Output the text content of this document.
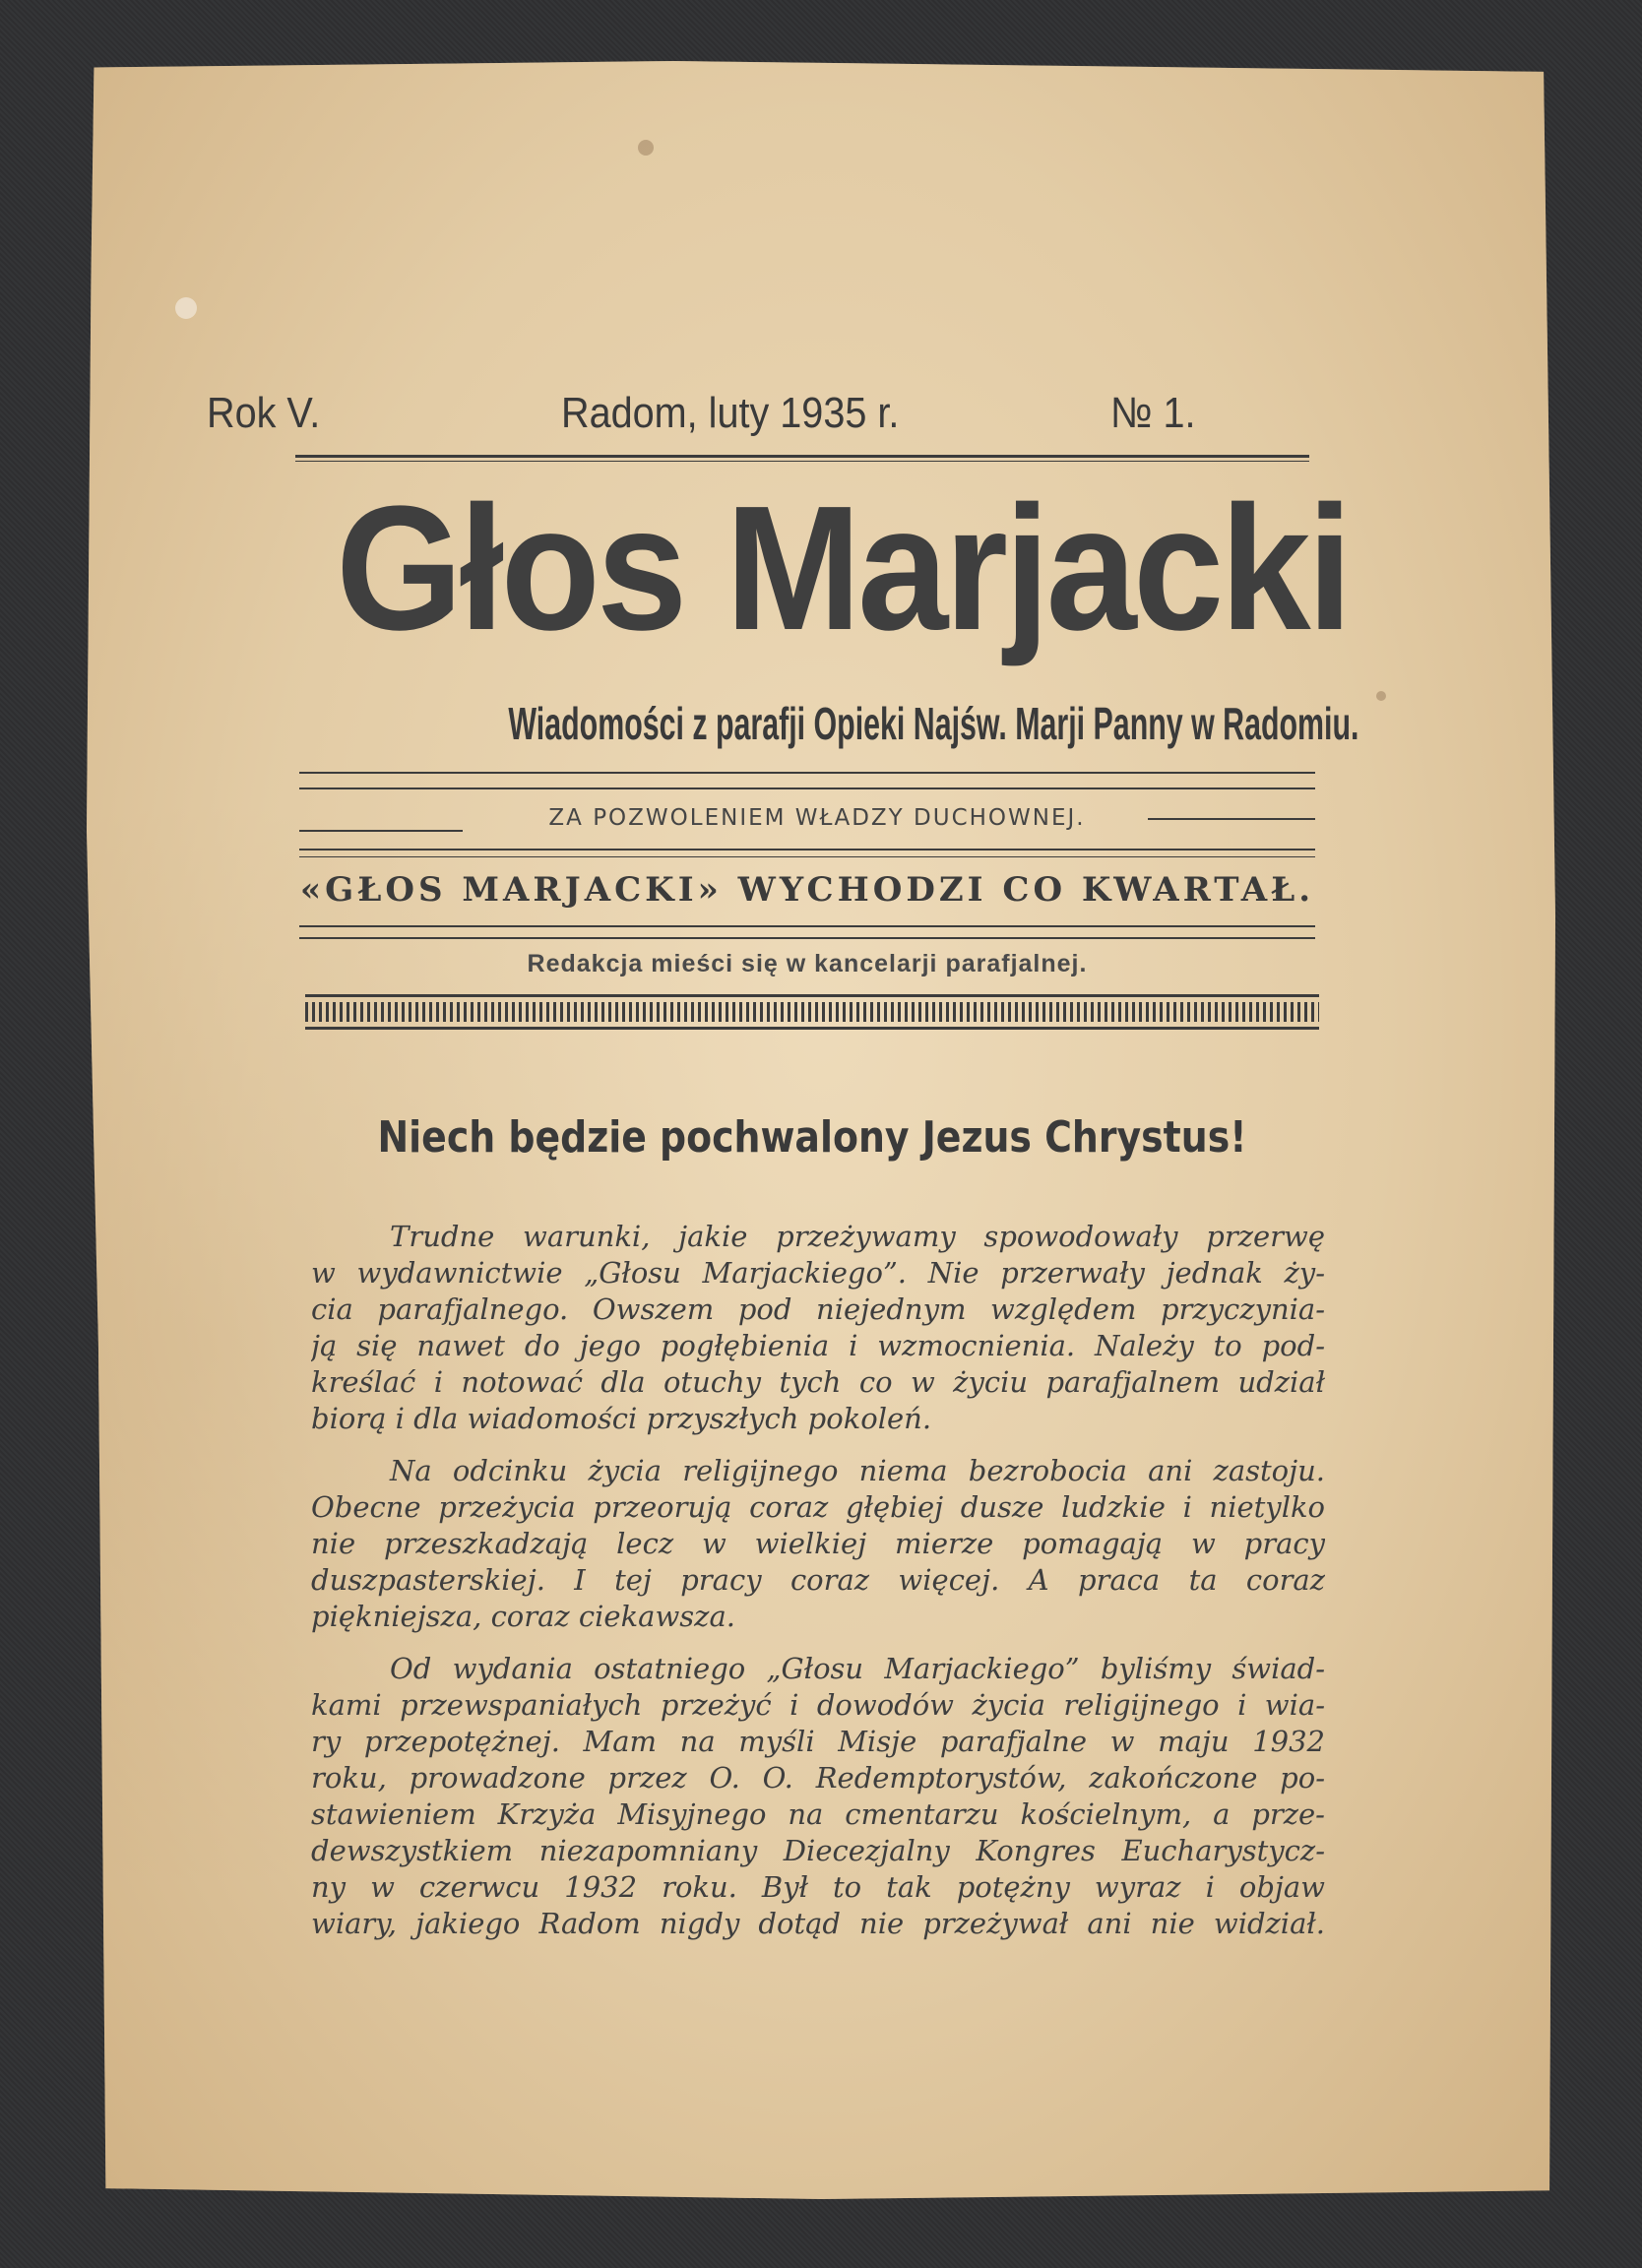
Rok V.	Radom, luty 1935 r.	№ 1.
Głos Marjacki
Wiadomości z parafji Opieki Najśw. Marji Panny w Radomiu.
ZA POZWOLENIEM WŁADZY DUCHOWNEJ.
«GŁOS MARJACKI» WYCHODZI CO KWARTAŁ.
Redakcja mieści się w kancelarji parafjalnej.
Niech będzie pochwalony Jezus Chrystus!

Trudne warunki, jakie przeżywamy spowodowały przerwę
w wydawnictwie „Głosu Marjackiego”. Nie przerwały jednak ży-
cia parafjalnego. Owszem pod niejednym względem przyczynia-
ją się nawet do jego pogłębienia i wzmocnienia. Należy to pod-
kreślać i notować dla otuchy tych co w życiu parafjalnem udział
biorą i dla wiadomości przyszłych pokoleń.

Na odcinku życia religijnego niema bezrobocia ani zastoju.
Obecne przeżycia przeorują coraz głębiej dusze ludzkie i nietylko
nie przeszkadzają lecz w wielkiej mierze pomagają w pracy
duszpasterskiej. I tej pracy coraz więcej. A praca ta coraz
piękniejsza, coraz ciekawsza.

Od wydania ostatniego „Głosu Marjackiego” byliśmy świad-
kami przewspaniałych przeżyć i dowodów życia religijnego i wia-
ry przepotężnej. Mam na myśli Misje parafjalne w maju 1932
roku, prowadzone przez O. O. Redemptorystów, zakończone po-
stawieniem Krzyża Misyjnego na cmentarzu kościelnym, a prze-
dewszystkiem niezapomniany Diecezjalny Kongres Eucharystycz-
ny w czerwcu 1932 roku. Był to tak potężny wyraz i objaw
wiary, jakiego Radom nigdy dotąd nie przeżywał ani nie widział.
